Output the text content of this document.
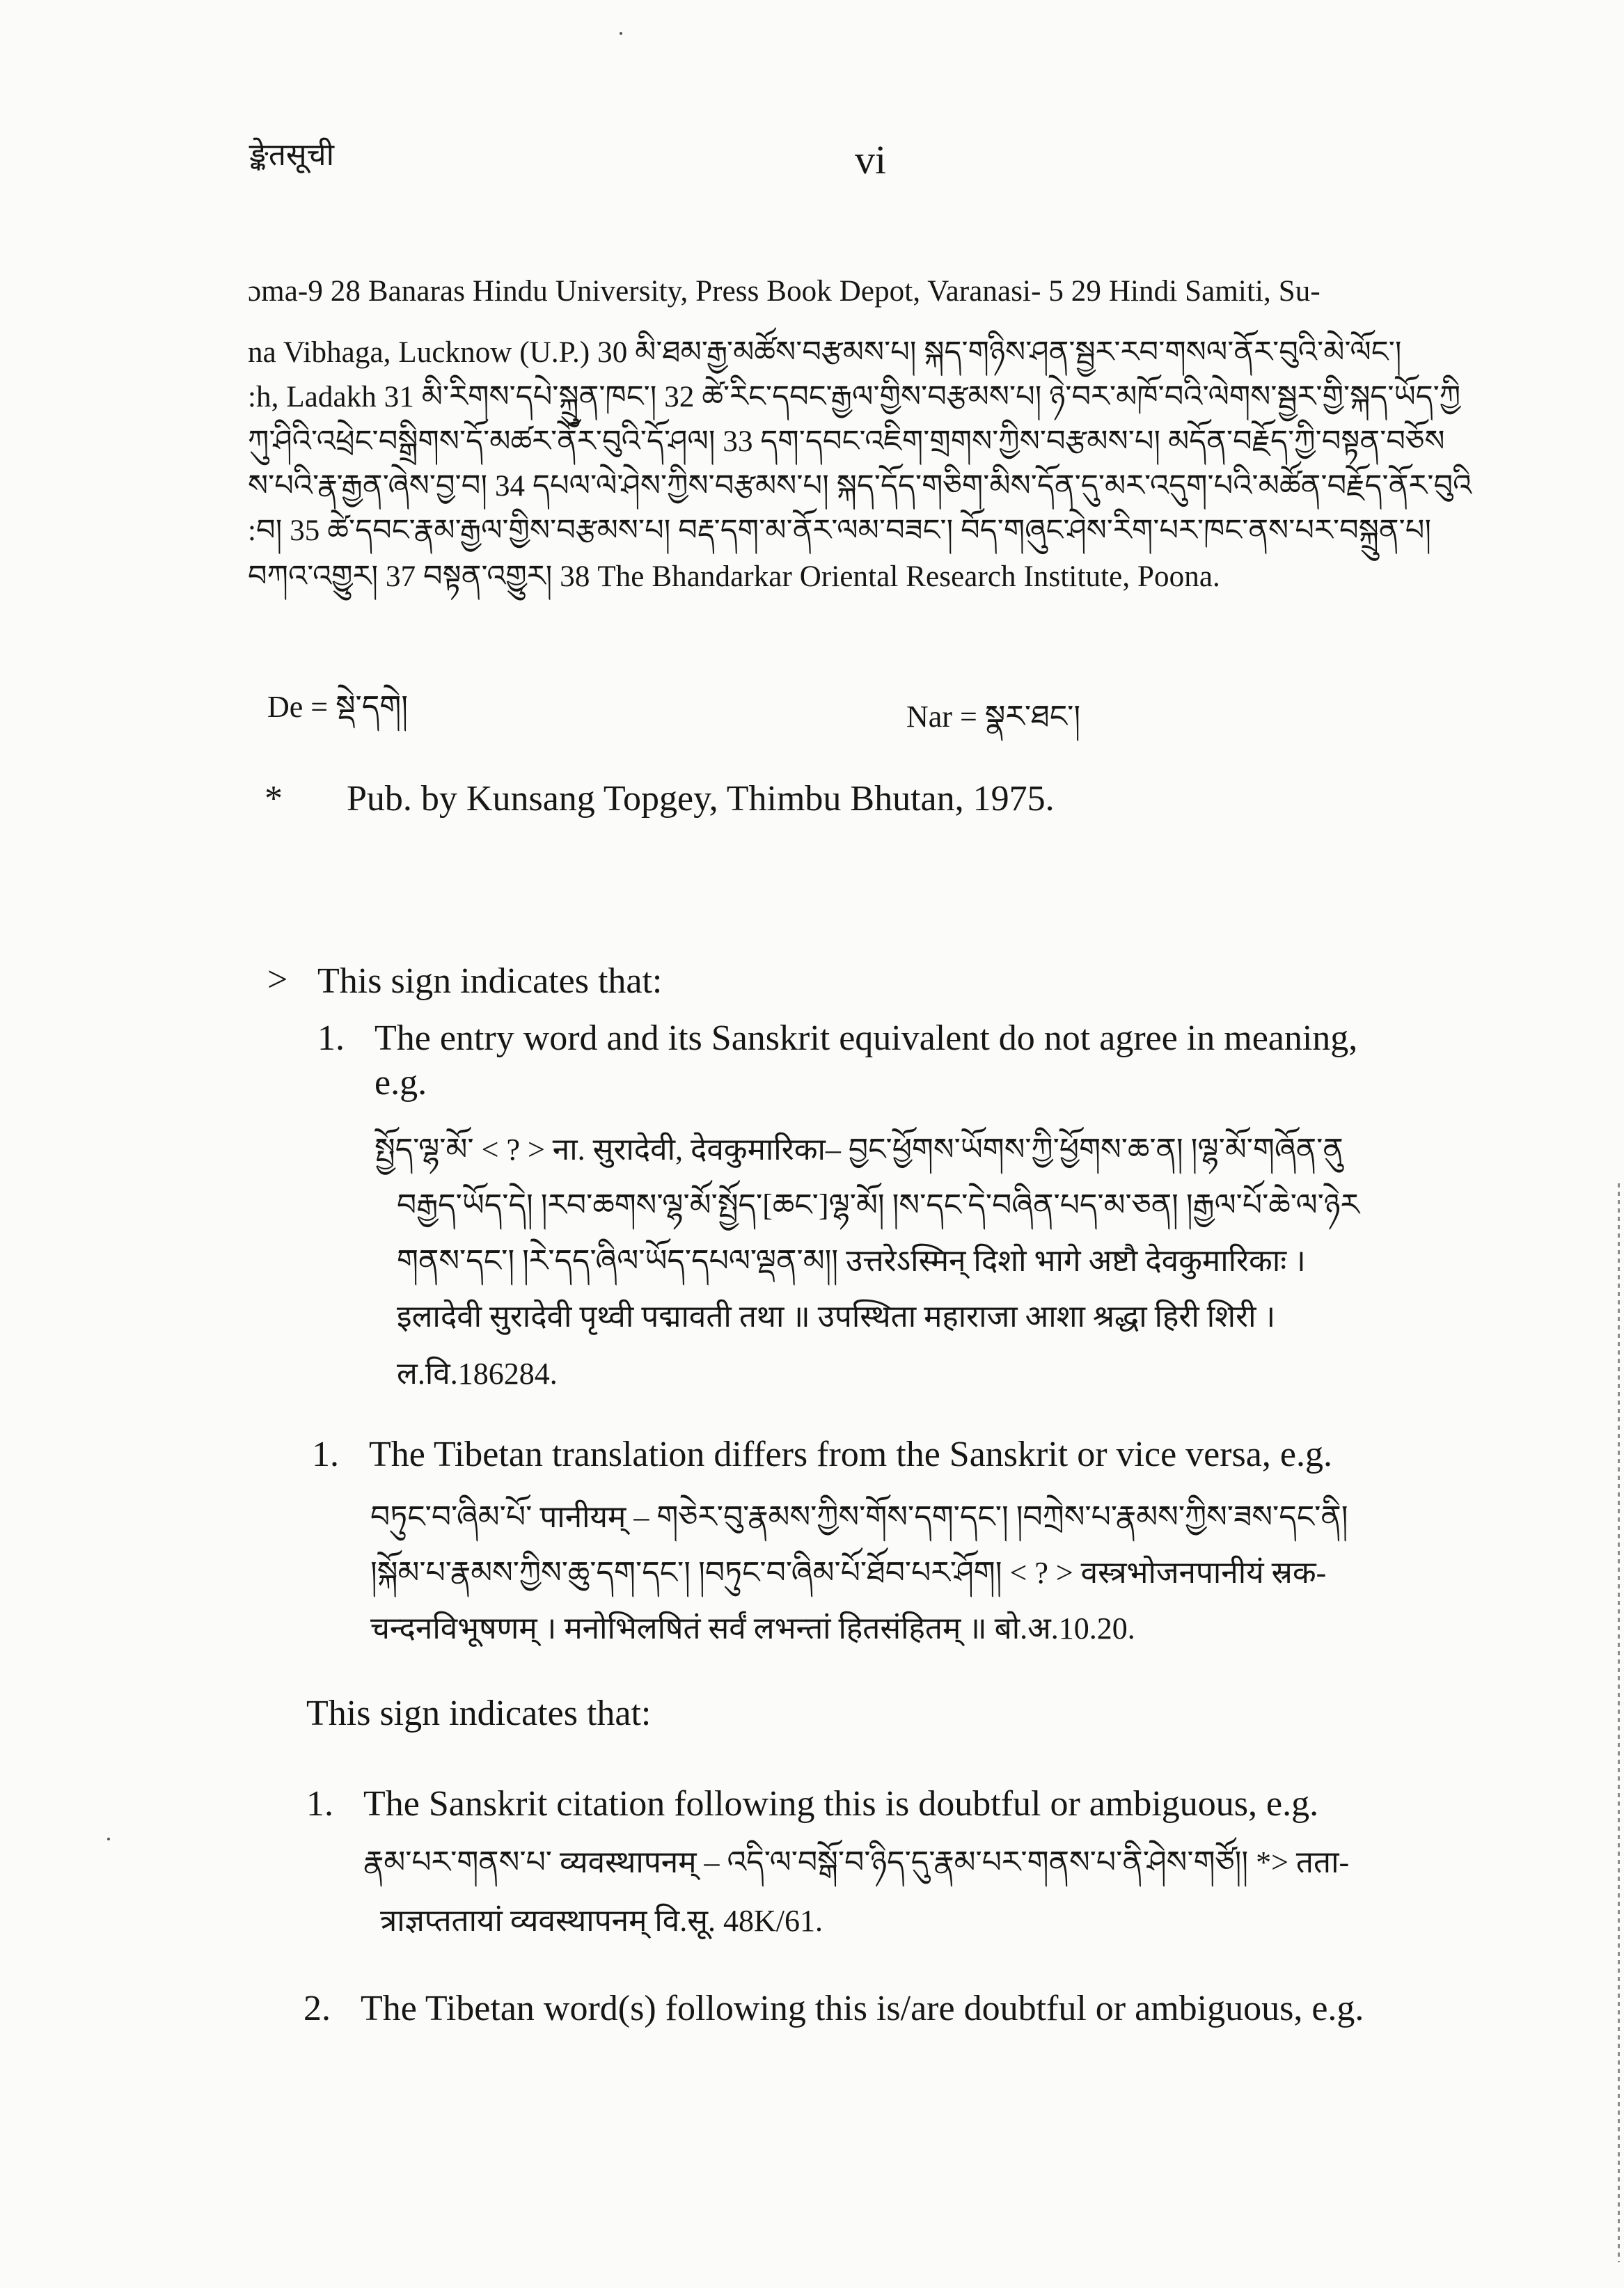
ङ्केतसूची	vi
ɔma-9 28 Banaras Hindu University, Press Book Depot, Varanasi- 5 29 Hindi Samiti, Su-
na Vibhaga, Lucknow (U.P.) 30 མི་ཐམ་རྒྱ་མཚོས་བརྩམས་པ། སྐད་གཉིས་ཤན་སྦྱར་རབ་གསལ་ནོར་བུའི་མེ་ལོང་།
:h, Ladakh 31 མི་རིགས་དཔེ་སྐྲུན་ཁང་། 32 ཚེ་རིང་དབང་རྒྱལ་གྱིས་བརྩམས་པ། ཉེ་བར་མཁོ་བའི་ལེགས་སྦྱར་གྱི་སྐད་ཡོད་ཀྱི
ཀུ་ཤིའི་འཕྲེང་བསྒྲིགས་དོ་མཚར་ནོར་བུའི་དོ་ཤལ། 33 དག་དབང་འཇིག་གྲགས་ཀྱིས་བརྩམས་པ། མདོན་བརྗོད་ཀྱི་བསྟན་བཅོས
ས་པའི་རྣ་རྒྱན་ཞེས་བྱ་བ། 34 དཔལ་ལེ་ཤེས་ཀྱིས་བརྩམས་པ། སྐད་དོད་གཅིག་མིས་དོན་དུ་མར་འདུག་པའི་མཚོན་བརྗོད་ནོར་བུའི
:བ། 35 ཚེ་དབང་རྣམ་རྒྱལ་གྱིས་བརྩམས་པ། བརྡ་དག་མ་ནོར་ལམ་བཟང་། བོད་གཞུང་ཤེས་རིག་པར་ཁང་ནས་པར་བསྐྲུན་པ།
བཀའ་འགྱུར། 37 བསྟན་འགྱུར། 38 The Bhandarkar Oriental Research Institute, Poona.
De = སྡེ་དགེ།	Nar = སྣར་ཐང་།
* Pub. by Kunsang Topgey, Thimbu Bhutan, 1975.
> This sign indicates that:
1. The entry word and its Sanskrit equivalent do not agree in meaning,
e.g.
སྤྱོད་ལྷ་མོ་ < ? > ना. सुरादेवी, देवकुमारिका– བྱང་ཕྱོགས་ཡོགས་ཀྱི་ཕྱོགས་ཆ་ན། །ལྷ་མོ་གཞོན་ནུ
བརྒྱད་ཡོད་དེ། །རབ་ཆགས་ལྷ་མོ་སྤྱོད་[ཆང་]ལྷ་མོ། །ས་དང་དེ་བཞིན་པད་མ་ཅན། །རྒྱལ་པོ་ཆེ་ལ་ཉེར
གནས་དང་། །རེ་དད་ཞིལ་ཡོད་དཔལ་ལྡན་མ།། उत्तरेऽस्मिन् दिशो भागे अष्टौ देवकुमारिकाः ।
इलादेवी सुरादेवी पृथ्वी पद्मावती तथा ॥ उपस्थिता महाराजा आशा श्रद्धा हिरी शिरी ।
ल.वि.186284.
1. The Tibetan translation differs from the Sanskrit or vice versa, e.g.
བཏུང་བ་ཞིམ་པོ་ पानीयम् – གཅེར་བུ་རྣམས་ཀྱིས་གོས་དག་དང་། །བཀྲེས་པ་རྣམས་ཀྱིས་ཟས་དང་ནི།
།སྐོམ་པ་རྣམས་ཀྱིས་ཆུ་དག་དང་། །བཏུང་བ་ཞིམ་པོ་ཐོབ་པར་ཤོག། < ? > वस्त्रभोजनपानीयं स्रक-
चन्दनविभूषणम् । मनोभिलषितं सर्वं लभन्तां हितसंहितम् ॥ बो.अ.10.20.
This sign indicates that:
1. The Sanskrit citation following this is doubtful or ambiguous, e.g.
རྣམ་པར་གནས་པ་ व्यवस्थापनम् – འདི་ལ་བསྒོ་བ་ཉིད་དུ་རྣམ་པར་གནས་པ་ནི་ཤེས་གཙོ།། *> तता-
त्राज्ञप्ततायां व्यवस्थापनम् वि.सू. 48K/61.
2. The Tibetan word(s) following this is/are doubtful or ambiguous, e.g.
